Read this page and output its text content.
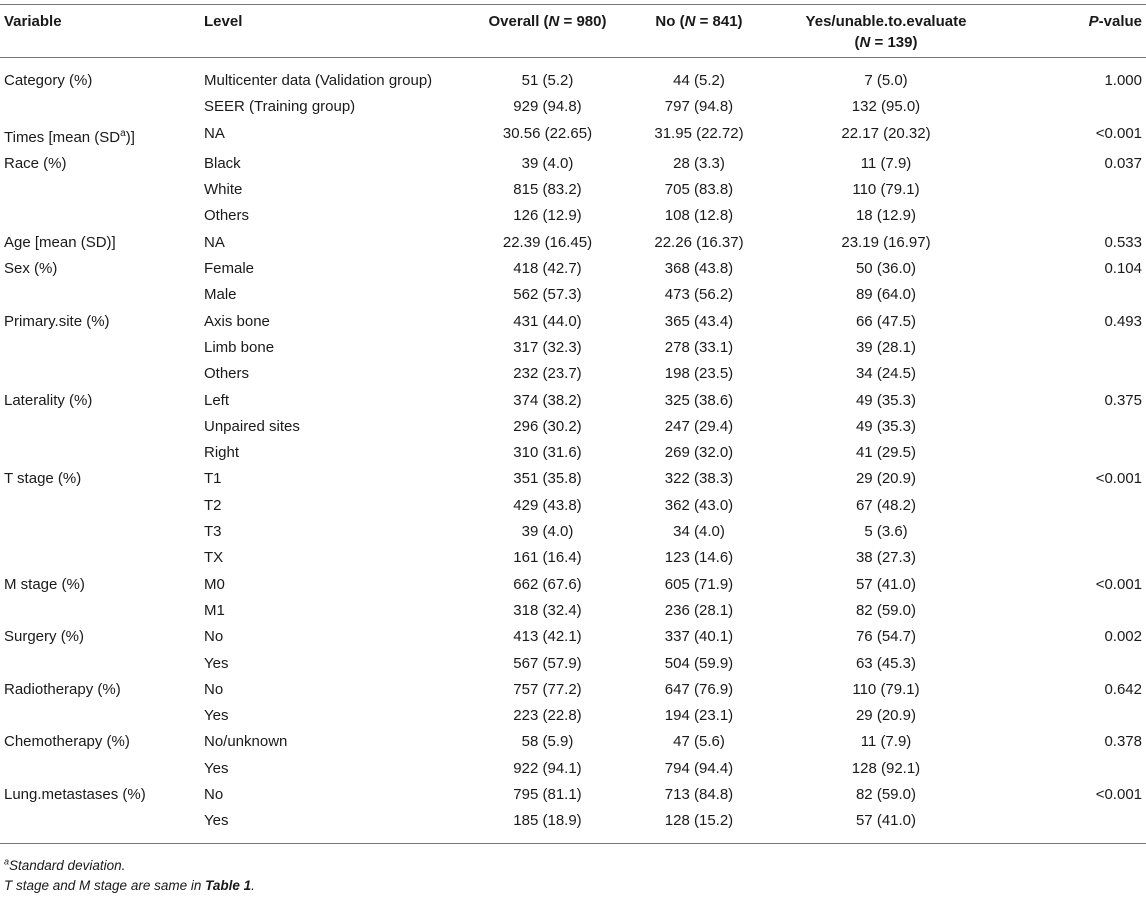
Variable	Level	Overall (N = 980)	No (N = 841)	Yes/unable.to.evaluate
(N = 139)	P-value
Category (%)	Multicenter data (Validation group)	51 (5.2)	44 (5.2)	7 (5.0)	1.000
	SEER (Training group)	929 (94.8)	797 (94.8)	132 (95.0)	
Times [mean $(SD^a)$]	NA	30.56 (22.65)	31.95 (22.72)	22.17 (20.32)	<0.001
Race (%)	Black	39 (4.0)	28 (3.3)	11 (7.9)	0.037
	White	815 (83.2)	705 (83.8)	110 (79.1)	
	Others	126 (12.9)	108 (12.8)	18 (12.9)	
Age [mean (SD)]	NA	22.39 (16.45)	22.26 (16.37)	23.19 (16.97)	0.533
Sex (%)	Female	418 (42.7)	368 (43.8)	50 (36.0)	0.104
	Male	562 (57.3)	473 (56.2)	89 (64.0)	
Primary.site (%)	Axis bone	431 (44.0)	365 (43.4)	66 (47.5)	0.493
	Limb bone	317 (32.3)	278 (33.1)	39 (28.1)	
	Others	232 (23.7)	198 (23.5)	34 (24.5)	
Laterality (%)	Left	374 (38.2)	325 (38.6)	49 (35.3)	0.375
	Unpaired sites	296 (30.2)	247 (29.4)	49 (35.3)	
	Right	310 (31.6)	269 (32.0)	41 (29.5)	
T stage (%)	T1	351 (35.8)	322 (38.3)	29 (20.9)	<0.001
	T2	429 (43.8)	362 (43.0)	67 (48.2)	
	T3	39 (4.0)	34 (4.0)	5 (3.6)	
	TX	161 (16.4)	123 (14.6)	38 (27.3)	
M stage (%)	M0	662 (67.6)	605 (71.9)	57 (41.0)	<0.001
	M1	318 (32.4)	236 (28.1)	82 (59.0)	
Surgery (%)	No	413 (42.1)	337 (40.1)	76 (54.7)	0.002
	Yes	567 (57.9)	504 (59.9)	63 (45.3)	
Radiotherapy (%)	No	757 (77.2)	647 (76.9)	110 (79.1)	0.642
	Yes	223 (22.8)	194 (23.1)	29 (20.9)	
Chemotherapy (%)	No/unknown	58 (5.9)	47 (5.6)	11 (7.9)	0.378
	Yes	922 (94.1)	794 (94.4)	128 (92.1)	
Lung.metastases (%)	No	795 (81.1)	713 (84.8)	82 (59.0)	<0.001
	Yes	185 (18.9)	128 (15.2)	57 (41.0)	
$^a$Standard deviation.
T stage and M stage are same in Table 1.
